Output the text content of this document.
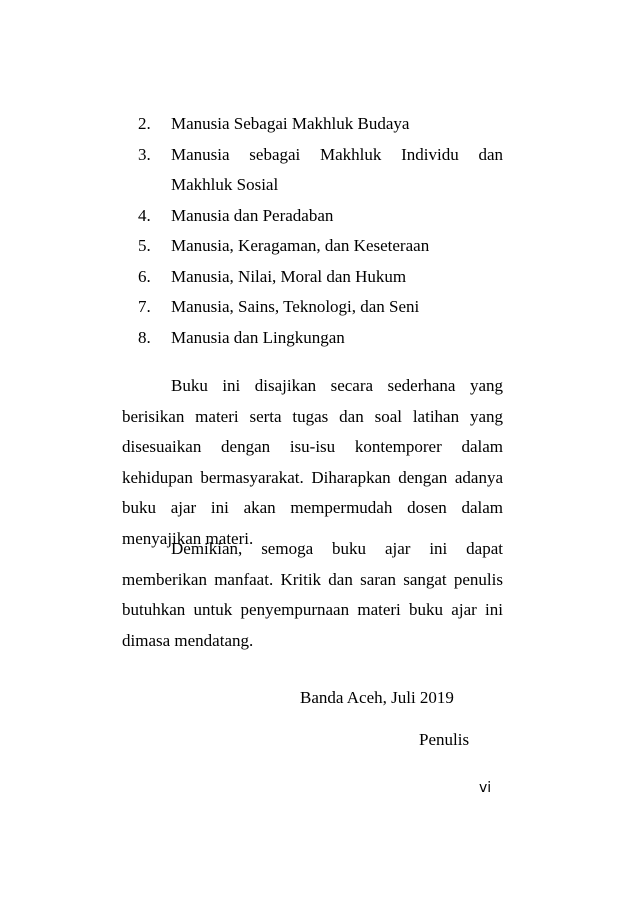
2.	Manusia Sebagai Makhluk Budaya
3.	Manusia sebagai Makhluk Individu dan
Makhluk Sosial
4.	Manusia dan Peradaban
5.	Manusia, Keragaman, dan Keseteraan
6.	Manusia, Nilai, Moral dan Hukum
7.	Manusia, Sains, Teknologi, dan Seni
8.	Manusia dan Lingkungan

Buku ini disajikan secara sederhana yang berisikan materi serta tugas dan soal latihan yang disesuaikan dengan isu-isu kontemporer dalam kehidupan bermasyarakat. Diharapkan dengan adanya buku ajar ini akan mempermudah dosen dalam menyajikan materi.

Demikian, semoga buku ajar ini dapat memberikan manfaat. Kritik dan saran sangat penulis butuhkan untuk penyempurnaan materi buku ajar ini dimasa mendatang.

Banda Aceh, Juli 2019
Penulis
vi
